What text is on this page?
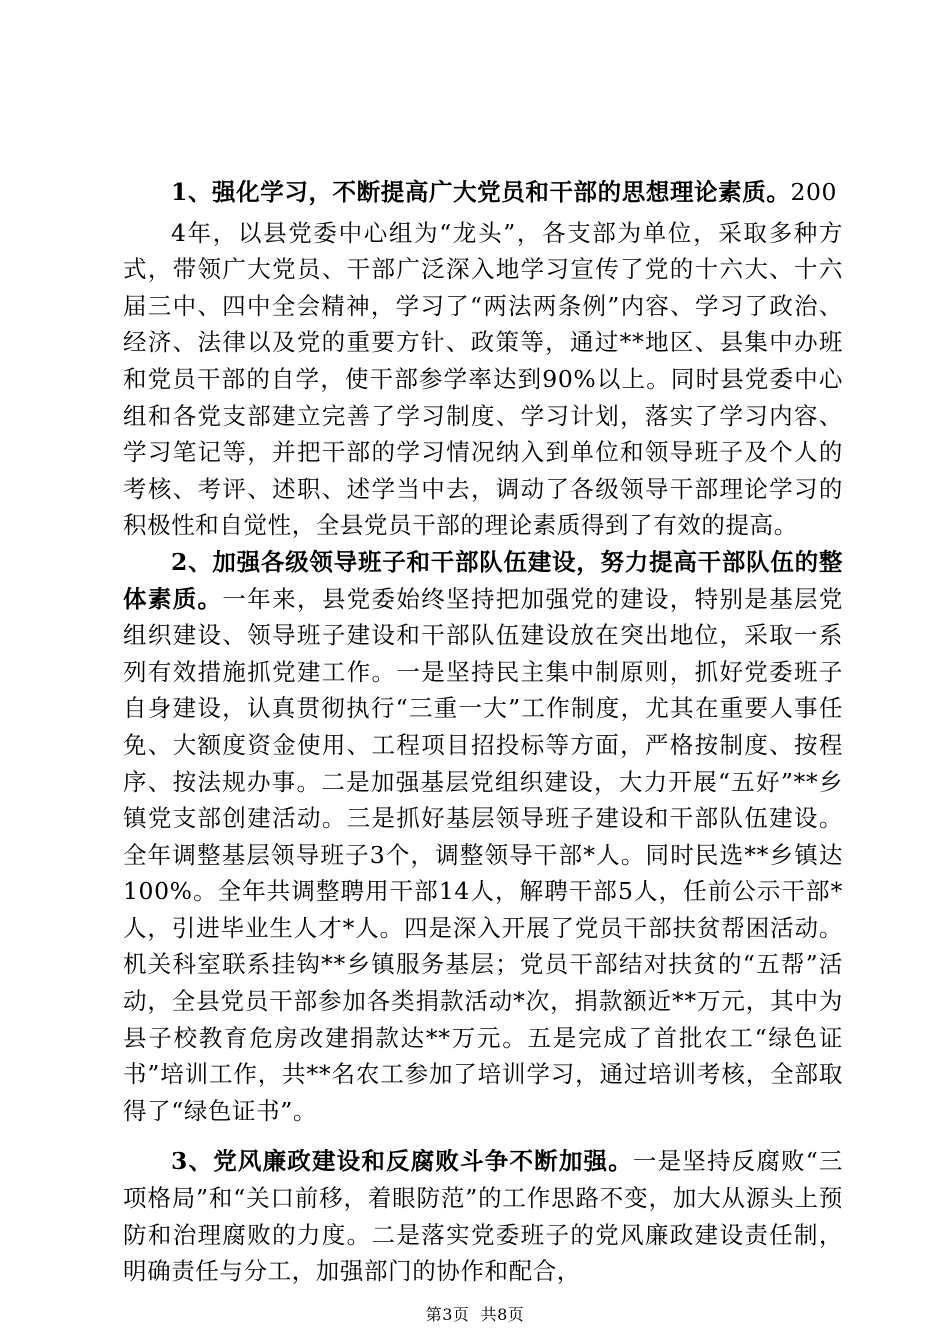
1、强化学习，不断提高广大党员和干部的思想理论素质。200

4年，以县党委中心组为“龙头”，各支部为单位，采取多种方式，带领广大党员、干部广泛深入地学习宣传了党的十六大、十六届三中、四中全会精神，学习了“两法两条例”内容、学习了政治、经济、法律以及党的重要方针、政策等，通过**地区、县集中办班和党员干部的自学，使干部参学率达到90%以上。同时县党委中心组和各党支部建立完善了学习制度、学习计划，落实了学习内容、学习笔记等，并把干部的学习情况纳入到单位和领导班子及个人的考核、考评、述职、述学当中去，调动了各级领导干部理论学习的积极性和自觉性，全县党员干部的理论素质得到了有效的提高。

2、加强各级领导班子和干部队伍建设，努力提高干部队伍的整体素质。一年来，县党委始终坚持把加强党的建设，特别是基层党组织建设、领导班子建设和干部队伍建设放在突出地位，采取一系列有效措施抓党建工作。一是坚持民主集中制原则，抓好党委班子自身建设，认真贯彻执行“三重一大”工作制度，尤其在重要人事任免、大额度资金使用、工程项目招投标等方面，严格按制度、按程序、按法规办事。二是加强基层党组织建设，大力开展“五好”**乡镇党支部创建活动。三是抓好基层领导班子建设和干部队伍建设。全年调整基层领导班子3个，调整领导干部*人。同时民选**乡镇达100%。全年共调整聘用干部14人，解聘干部5人，任前公示干部*人，引进毕业生人才*人。四是深入开展了党员干部扶贫帮困活动。机关科室联系挂钩**乡镇服务基层；党员干部结对扶贫的“五帮”活动，全县党员干部参加各类捐款活动*次，捐款额近**万元，其中为县子校教育危房改建捐款达**万元。五是完成了首批农工“绿色证书”培训工作，共**名农工参加了培训学习，通过培训考核，全部取得了“绿色证书”。

3、党风廉政建设和反腐败斗争不断加强。一是坚持反腐败“三项格局”和“关口前移，着眼防范”的工作思路不变，加大从源头上预防和治理腐败的力度。二是落实党委班子的党风廉政建设责任制，明确责任与分工，加强部门的协作和配合，

第3页 共8页
